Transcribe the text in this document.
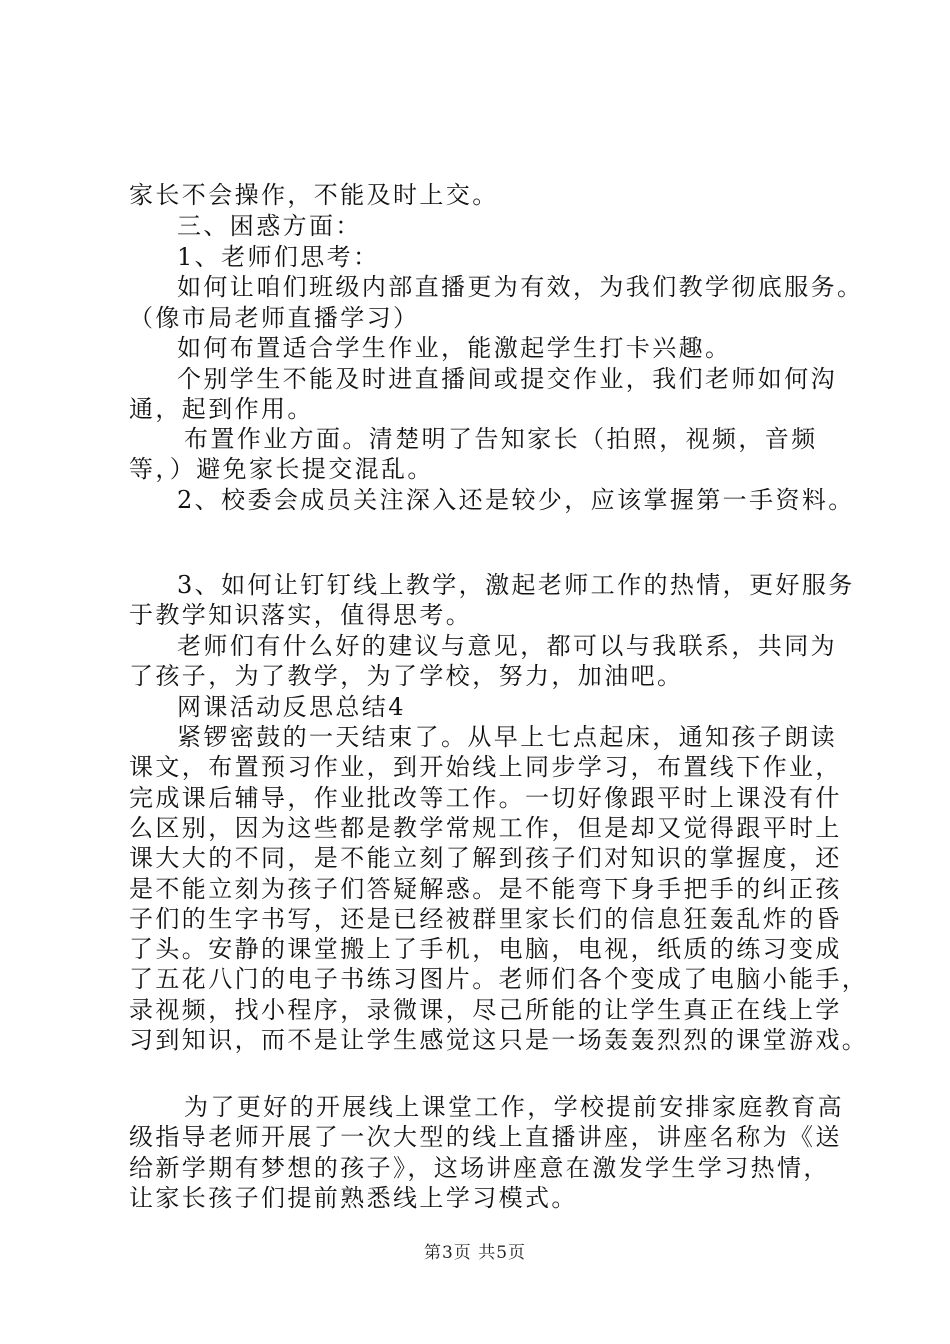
家长不会操作，不能及时上交。
三、困惑方面：
1、老师们思考：
如何让咱们班级内部直播更为有效，为我们教学彻底服务。
（像市局老师直播学习）
如何布置适合学生作业，能激起学生打卡兴趣。
个别学生不能及时进直播间或提交作业，我们老师如何沟
通，起到作用。
布置作业方面。清楚明了告知家长（拍照，视频，音频
等，）避免家长提交混乱。
2、校委会成员关注深入还是较少，应该掌握第一手资料。
3、如何让钉钉线上教学，激起老师工作的热情，更好服务
于教学知识落实，值得思考。
老师们有什么好的建议与意见，都可以与我联系，共同为
了孩子，为了教学，为了学校，努力，加油吧。
网课活动反思总结4
紧锣密鼓的一天结束了。从早上七点起床，通知孩子朗读
课文，布置预习作业，到开始线上同步学习，布置线下作业，
完成课后辅导，作业批改等工作。一切好像跟平时上课没有什
么区别，因为这些都是教学常规工作，但是却又觉得跟平时上
课大大的不同，是不能立刻了解到孩子们对知识的掌握度，还
是不能立刻为孩子们答疑解惑。是不能弯下身手把手的纠正孩
子们的生字书写，还是已经被群里家长们的信息狂轰乱炸的昏
了头。安静的课堂搬上了手机，电脑，电视，纸质的练习变成
了五花八门的电子书练习图片。老师们各个变成了电脑小能手，
录视频，找小程序，录微课，尽己所能的让学生真正在线上学
习到知识，而不是让学生感觉这只是一场轰轰烈烈的课堂游戏。
为了更好的开展线上课堂工作，学校提前安排家庭教育高
级指导老师开展了一次大型的线上直播讲座，讲座名称为《送
给新学期有梦想的孩子》，这场讲座意在激发学生学习热情，
让家长孩子们提前熟悉线上学习模式。
第3页 共5页
